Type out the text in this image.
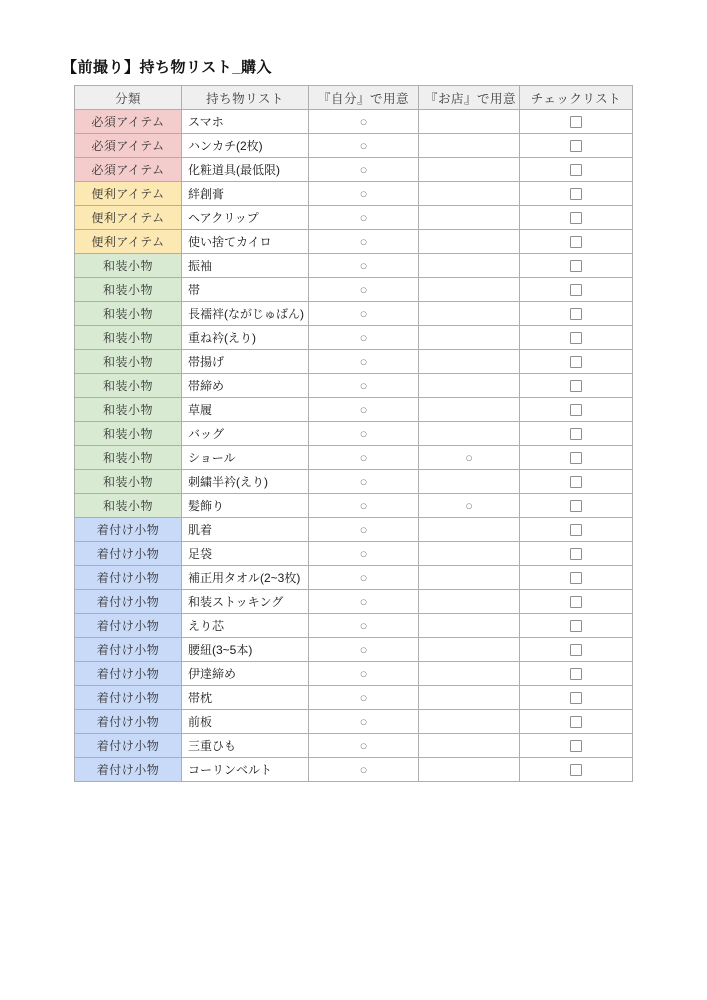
【前撮り】持ち物リスト_購入
分類	持ち物リスト	『自分』で用意	『お店』で用意	チェックリスト
必須アイテム	スマホ	○		
必須アイテム	ハンカチ(2枚)	○		
必須アイテム	化粧道具(最低限)	○		
便利アイテム	絆創膏	○		
便利アイテム	ヘアクリップ	○		
便利アイテム	使い捨てカイロ	○		
和装小物	振袖	○		
和装小物	帯	○		
和装小物	長襦袢(ながじゅばん)	○		
和装小物	重ね衿(えり)	○		
和装小物	帯揚げ	○		
和装小物	帯締め	○		
和装小物	草履	○		
和装小物	バッグ	○		
和装小物	ショール	○	○	
和装小物	刺繍半衿(えり)	○		
和装小物	髪飾り	○	○	
着付け小物	肌着	○		
着付け小物	足袋	○		
着付け小物	補正用タオル(2~3枚)	○		
着付け小物	和装ストッキング	○		
着付け小物	えり芯	○		
着付け小物	腰紐(3~5本)	○		
着付け小物	伊達締め	○		
着付け小物	帯枕	○		
着付け小物	前板	○		
着付け小物	三重ひも	○		
着付け小物	コーリンベルト	○		
